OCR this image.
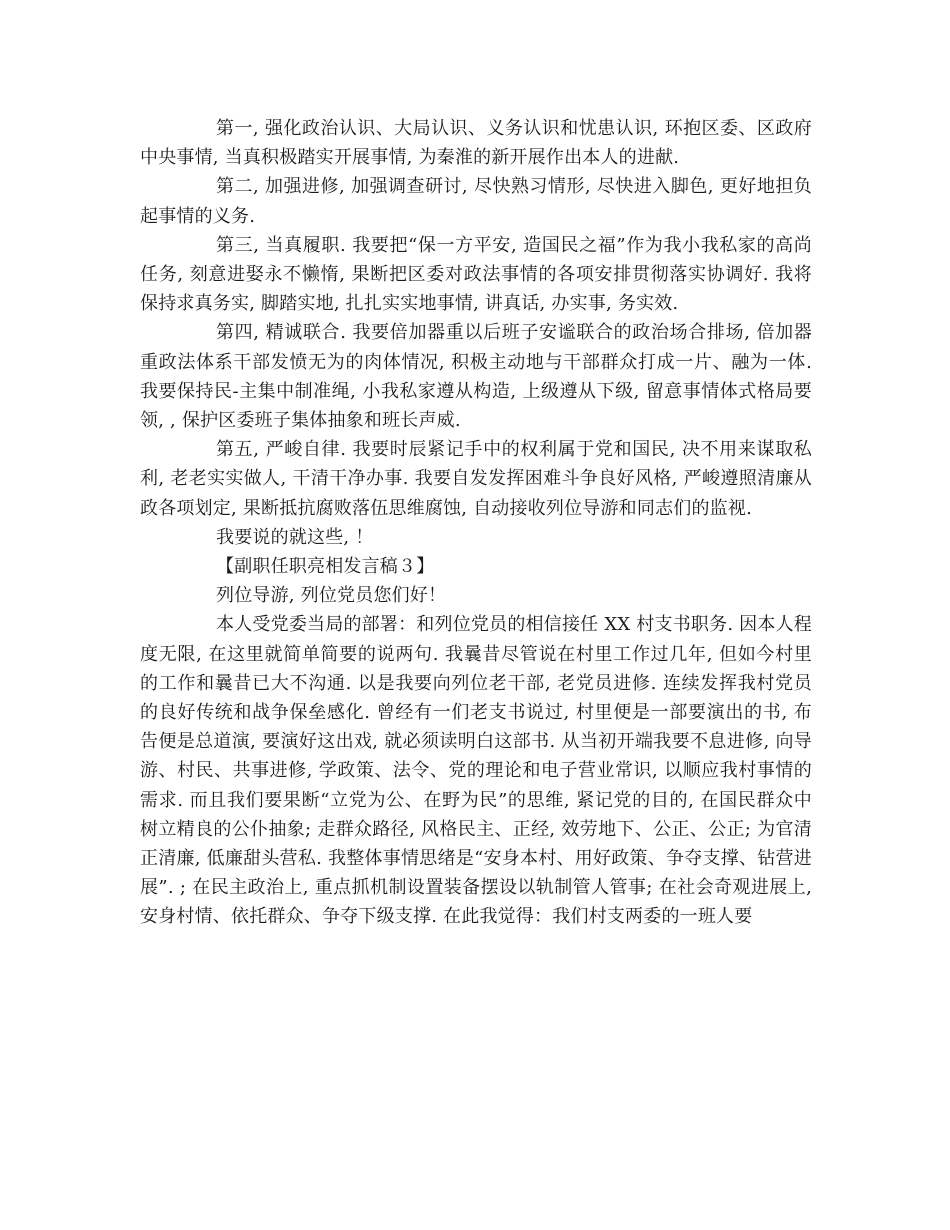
第一, 强化政治认识、大局认识、义务认识和忧患认识, 环抱区委、区政府中央事情, 当真积极踏实开展事情, 为秦淮的新开展作出本人的进献.

第二, 加强进修, 加强调查研讨, 尽快熟习情形, 尽快进入脚色, 更好地担负起事情的义务.

第三, 当真履职. 我要把“保一方平安, 造国民之福”作为我小我私家的高尚任务, 刻意进娶永不懒惰, 果断把区委对政法事情的各项安排贯彻落实协调好. 我将保持求真务实, 脚踏实地, 扎扎实实地事情, 讲真话, 办实事, 务实效.

第四, 精诚联合. 我要倍加器重以后班子安谧联合的政治场合排场, 倍加器重政法体系干部发愤无为的肉体情况, 积极主动地与干部群众打成一片、融为一体. 我要保持民-主集中制准绳, 小我私家遵从构造, 上级遵从下级, 留意事情体式格局要领, , 保护区委班子集体抽象和班长声威.

第五, 严峻自律. 我要时辰紧记手中的权利属于党和国民, 决不用来谋取私利, 老老实实做人, 干清干净办事. 我要自发发挥困难斗争良好风格, 严峻遵照清廉从政各项划定, 果断抵抗腐败落伍思维腐蚀, 自动接收列位导游和同志们的监视.

我要说的就这些, ！

【副职任职亮相发言稿３】

列位导游, 列位党员您们好！

本人受党委当局的部署：和列位党员的相信接任 XX 村支书职务. 因本人程度无限, 在这里就简单简要的说两句. 我曩昔尽管说在村里工作过几年, 但如今村里的工作和曩昔已大不沟通. 以是我要向列位老干部, 老党员进修. 连续发挥我村党员的良好传统和战争保垒感化. 曾经有一们老支书说过, 村里便是一部要演出的书, 布告便是总道演, 要演好这出戏, 就必须读明白这部书. 从当初开端我要不息进修, 向导游、村民、共事进修, 学政策、法令、党的理论和电子营业常识, 以顺应我村事情的需求. 而且我们要果断“立党为公、在野为民”的思维, 紧记党的目的, 在国民群众中树立精良的公仆抽象; 走群众路径, 风格民主、正经, 效劳地下、公正、公正; 为官清正清廉, 低廉甜头营私. 我整体事情思绪是“安身本村、用好政策、争夺支撑、钻营进展”. ; 在民主政治上, 重点抓机制设置装备摆设以轨制管人管事; 在社会奇观进展上, 安身村情、依托群众、争夺下级支撑. 在此我觉得：我们村支两委的一班人要
